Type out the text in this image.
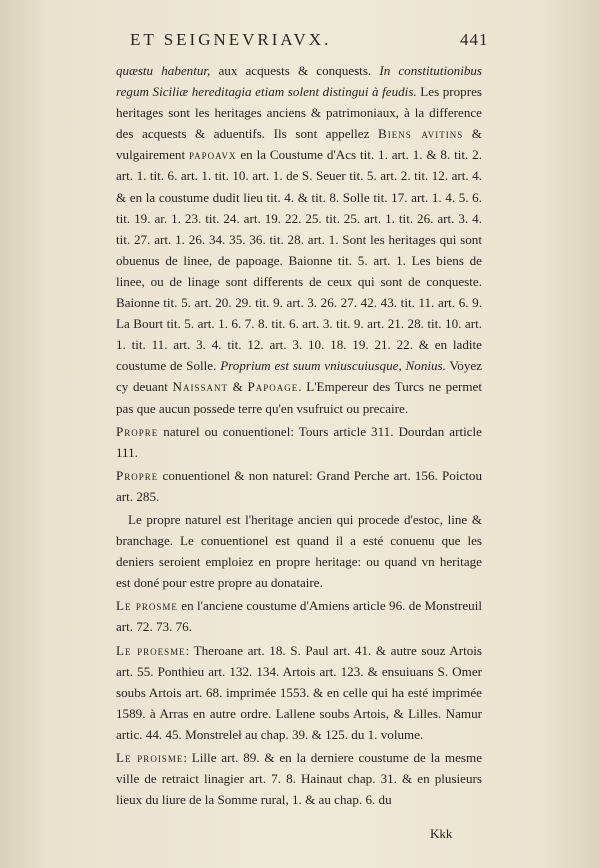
ET SEIGNEVRIAVX.	441

quæstu habentur, aux acquests & conquests. In constitutionibus regum Siciliæ hereditagia etiam solent distingui à feudis. Les propres heritages sont les heritages anciens & patrimoniaux, à la difference des acquests & aduentifs. Ils sont appellez Biens avitins & vulgairement papoavx en la Coustume d'Acs tit. 1. art. 1. & 8. tit. 2. art. 1. tit. 6. art. 1. tit. 10. art. 1. de S. Seuer tit. 5. art. 2. tit. 12. art. 4. & en la coustume dudit lieu tit. 4. & tit. 8. Solle tit. 17. art. 1. 4. 5. 6. tit. 19. ar. 1. 23. tit. 24. art. 19. 22. 25. tit. 25. art. 1. tit. 26. art. 3. 4. tit. 27. art. 1. 26. 34. 35. 36. tit. 28. art. 1. Sont les heritages qui sont obuenus de linee, de papoage. Baionne tit. 5. art. 1. Les biens de linee, ou de linage sont differents de ceux qui sont de conqueste. Baionne tit. 5. art. 20. 29. tit. 9. art. 3. 26. 27. 42. 43. tit. 11. art. 6. 9. La Bourt tit. 5. art. 1. 6. 7. 8. tit. 6. art. 3. tit. 9. art. 21. 28. tit. 10. art. 1. tit. 11. art. 3. 4. tit. 12. art. 3. 10. 18. 19. 21. 22. & en ladite coustume de Solle. Proprium est suum vniuscuiusque, Nonius. Voyez cy deuant Naissant & Papoage. L'Empereur des Turcs ne permet pas que aucun possede terre qu'en vsufruict ou precaire.

Propre naturel ou conuentionel: Tours article 311. Dourdan article 111.

Propre conuentionel & non naturel: Grand Perche art. 156. Poictou art. 285.

Le propre naturel est l'heritage ancien qui procede d'estoc, line & branchage. Le conuentionel est quand il a esté conuenu que les deniers seroient emploiez en propre heritage: ou quand vn heritage est doné pour estre propre au donataire.

Le prosme en l'anciene coustume d'Amiens article 96. de Monstreuil art. 72. 73. 76.

Le proesme: Theroane art. 18. S. Paul art. 41. & autre souz Artois art. 55. Ponthieu art. 132. 134. Artois art. 123. & ensuiuans S. Omer soubs Artois art. 68. imprimée 1553. & en celle qui ha esté imprimée 1589. à Arras en autre ordre. Lallene soubs Artois, & Lilles. Namur artic. 44. 45. Monstreleł au chap. 39. & 125. du 1. volume.

Le proisme: Lille art. 89. & en la derniere coustume de la mesme ville de retraict linagier art. 7. 8. Hainaut chap. 31. & en plusieurs lieux du liure de la Somme rural, 1. & au chap. 6. du

Kkk
